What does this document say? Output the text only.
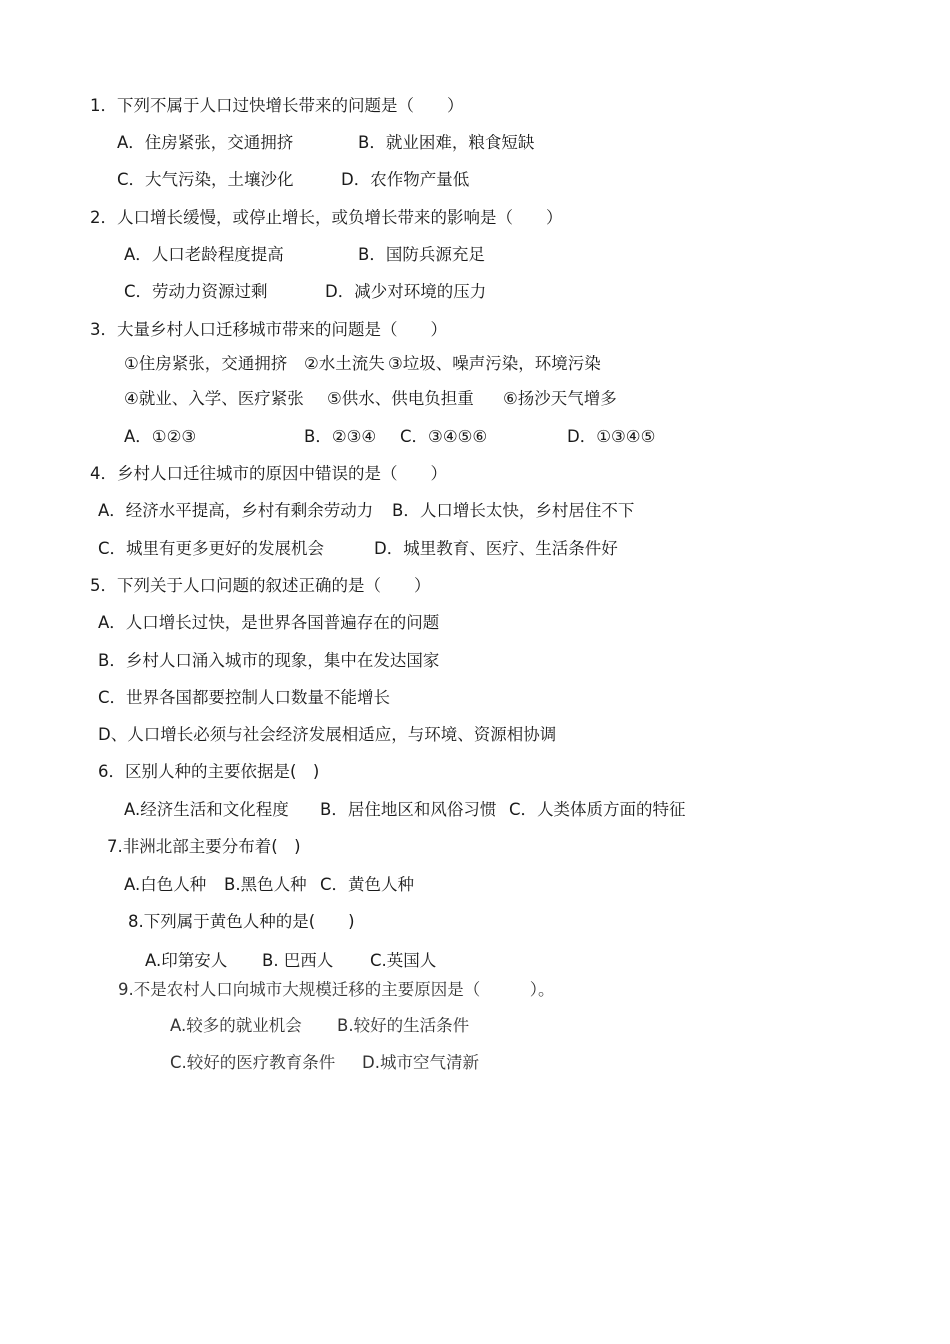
1．下列不属于人口过快增长带来的问题是（　　）
A．住房紧张，交通拥挤	B．就业困难，粮食短缺
C．大气污染，土壤沙化	D．农作物产量低
2．人口增长缓慢，或停止增长，或负增长带来的影响是（　　）
A．人口老龄程度提高	B．国防兵源充足
C．劳动力资源过剩	D．减少对环境的压力
3．大量乡村人口迁移城市带来的问题是（　　）
①住房紧张，交通拥挤 ②水土流失 ③垃圾、噪声污染，环境污染
④就业、入学、医疗紧张 ⑤供水、供电负担重 ⑥扬沙天气增多
A．①②③	B．②③④ C．③④⑤⑥	D．①③④⑤
4．乡村人口迁往城市的原因中错误的是（　　）
A．经济水平提高，乡村有剩余劳动力 B．人口增长太快，乡村居住不下
C．城里有更多更好的发展机会	D．城里教育、医疗、生活条件好
5．下列关于人口问题的叙述正确的是（　　）
A．人口增长过快，是世界各国普遍存在的问题
B．乡村人口涌入城市的现象，集中在发达国家
C．世界各国都要控制人口数量不能增长
D、人口增长必须与社会经济发展相适应，与环境、资源相协调
6．区别人种的主要依据是(　)
A.经济生活和文化程度 B．居住地区和风俗习惯 C．人类体质方面的特征
7.非洲北部主要分布着(　)
A.白色人种 B.黑色人种 C．黄色人种
8.下列属于黄色人种的是(　　)
A.印第安人 B. 巴西人 C.英国人
9.不是农村人口向城市大规模迁移的主要原因是（　　　）。
A.较多的就业机会 B.较好的生活条件
C.较好的医疗教育条件 D.城市空气清新
